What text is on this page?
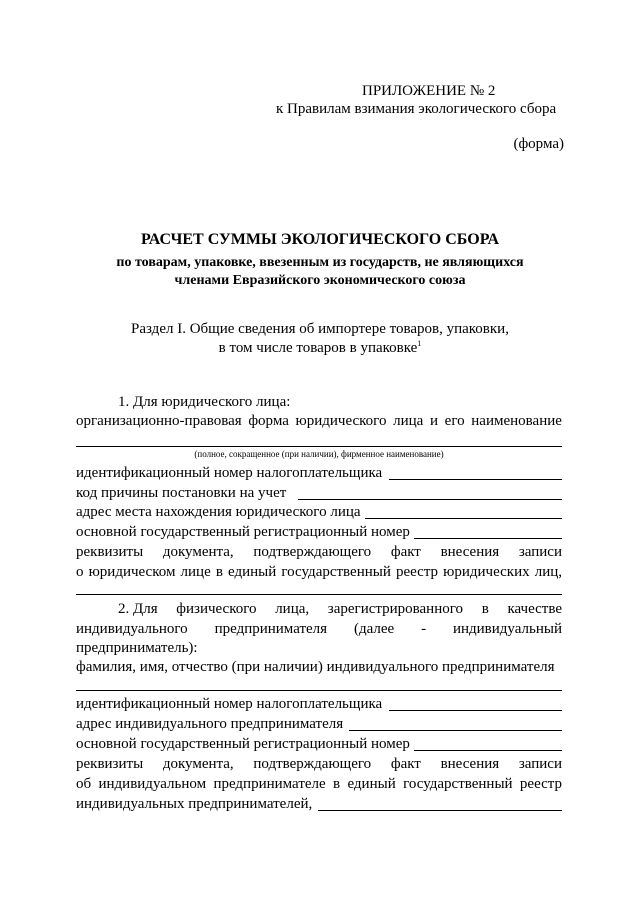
ПРИЛОЖЕНИЕ № 2
к Правилам взимания экологического сбора
(форма)
РАСЧЕТ СУММЫ ЭКОЛОГИЧЕСКОГО СБОРА
по товарам, упаковке, ввезенным из государств, не являющихся
членами Евразийского экономического союза
Раздел I. Общие сведения об импортере товаров, упаковки,
в том числе товаров в упаковке$^1$
1. Для юридического лица:
организационно-правовая форма юридического лица и его наименование
(полное, сокращенное (при наличии), фирменное наименование)
идентификационный номер налогоплательщика
код причины постановки на учет
адрес места нахождения юридического лица
основной государственный регистрационный номер
реквизиты документа, подтверждающего факт внесения записи
о юридическом лице в единый государственный реестр юридических лиц,
2. Для физического лица, зарегистрированного в качестве
индивидуального предпринимателя (далее - индивидуальный
предприниматель):
фамилия, имя, отчество (при наличии) индивидуального предпринимателя
идентификационный номер налогоплательщика
адрес индивидуального предпринимателя
основной государственный регистрационный номер
реквизиты документа, подтверждающего факт внесения записи
об индивидуальном предпринимателе в единый государственный реестр
индивидуальных предпринимателей,
